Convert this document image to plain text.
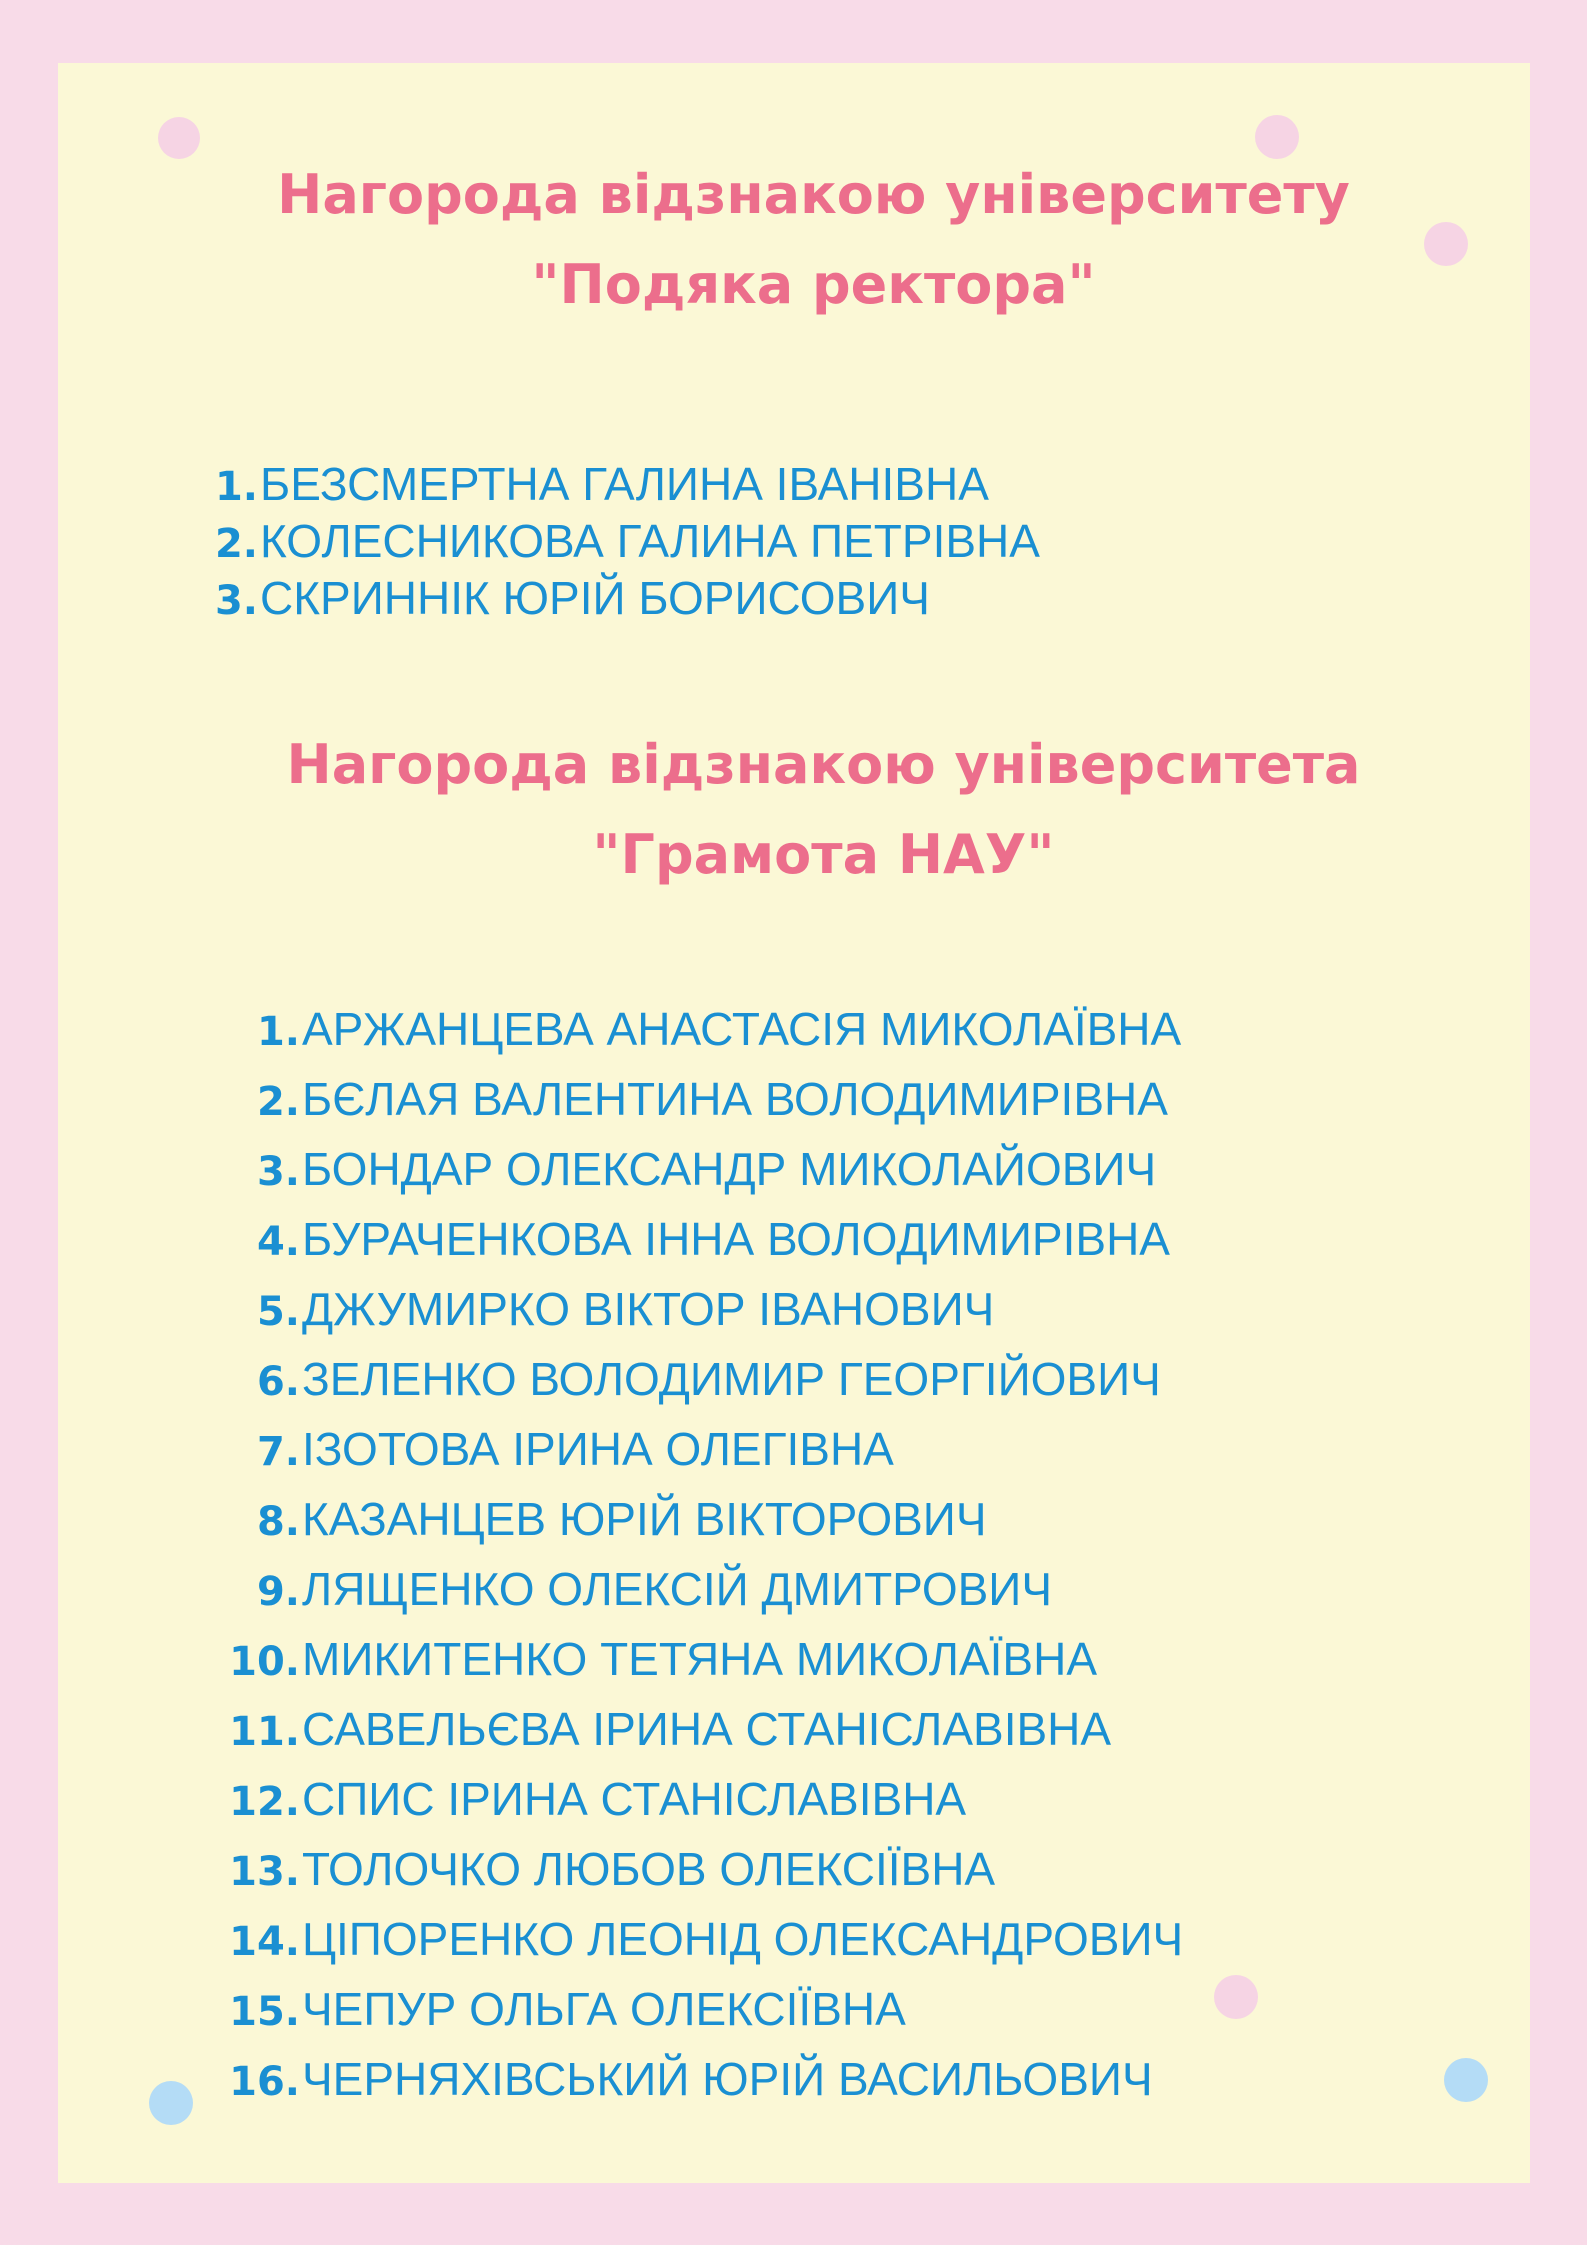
Нагорода відзнакою університету
"Подяка ректора"
1.БЕЗСМЕРТНА ГАЛИНА ІВАНІВНА
2.КОЛЕСНИКОВА ГАЛИНА ПЕТРІВНА
3.СКРИННІК ЮРІЙ БОРИСОВИЧ
Нагорода відзнакою університета
"Грамота НАУ"
1.АРЖАНЦЕВА АНАСТАСІЯ МИКОЛАЇВНА
2.БЄЛАЯ ВАЛЕНТИНА ВОЛОДИМИРІВНА
3.БОНДАР ОЛЕКСАНДР МИКОЛАЙОВИЧ
4.БУРАЧЕНКОВА ІННА ВОЛОДИМИРІВНА
5.ДЖУМИРКО ВІКТОР ІВАНОВИЧ
6.ЗЕЛЕНКО ВОЛОДИМИР ГЕОРГІЙОВИЧ
7.ІЗОТОВА ІРИНА ОЛЕГІВНА
8.КАЗАНЦЕВ ЮРІЙ ВІКТОРОВИЧ
9.ЛЯЩЕНКО ОЛЕКСІЙ ДМИТРОВИЧ
10.МИКИТЕНКО ТЕТЯНА МИКОЛАЇВНА
11.САВЕЛЬЄВА ІРИНА СТАНІСЛАВІВНА
12.СПИС ІРИНА СТАНІСЛАВІВНА
13.ТОЛОЧКО ЛЮБОВ ОЛЕКСІЇВНА
14.ЦІПОРЕНКО ЛЕОНІД ОЛЕКСАНДРОВИЧ
15.ЧЕПУР ОЛЬГА ОЛЕКСІЇВНА
16.ЧЕРНЯХІВСЬКИЙ ЮРІЙ ВАСИЛЬОВИЧ
